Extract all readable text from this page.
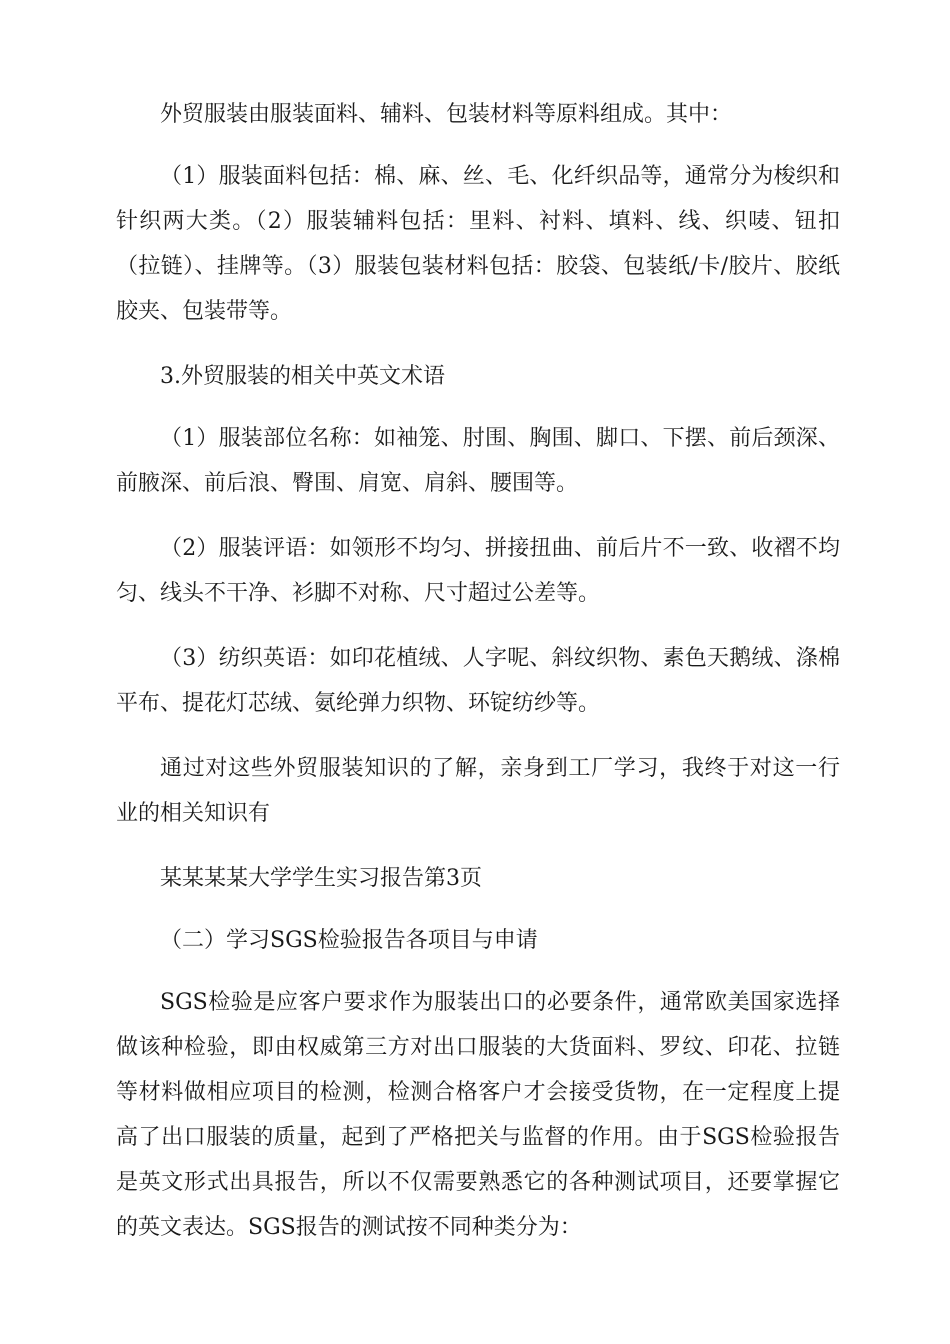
外贸服装由服装面料、辅料、包装材料等原料组成。其中：

（1）服装面料包括：棉、麻、丝、毛、化纤织品等，通常分为梭织和针织两大类。（2）服装辅料包括：里料、衬料、填料、线、织唛、钮扣（拉链）、挂牌等。（3）服装包装材料包括：胶袋、包装纸/卡/胶片、胶纸胶夹、包装带等。

3.外贸服装的相关中英文术语

（1）服装部位名称：如袖笼、肘围、胸围、脚口、下摆、前后颈深、前腋深、前后浪、臀围、肩宽、肩斜、腰围等。

（2）服装评语：如领形不均匀、拼接扭曲、前后片不一致、收褶不均匀、线头不干净、衫脚不对称、尺寸超过公差等。

（3）纺织英语：如印花植绒、人字呢、斜纹织物、素色天鹅绒、涤棉平布、提花灯芯绒、氨纶弹力织物、环锭纺纱等。

通过对这些外贸服装知识的了解，亲身到工厂学习，我终于对这一行业的相关知识有

某某某某大学学生实习报告第3页

（二）学习SGS检验报告各项目与申请

SGS检验是应客户要求作为服装出口的必要条件，通常欧美国家选择做该种检验，即由权威第三方对出口服装的大货面料、罗纹、印花、拉链等材料做相应项目的检测，检测合格客户才会接受货物，在一定程度上提高了出口服装的质量，起到了严格把关与监督的作用。由于SGS检验报告是英文形式出具报告，所以不仅需要熟悉它的各种测试项目，还要掌握它的英文表达。SGS报告的测试按不同种类分为：
